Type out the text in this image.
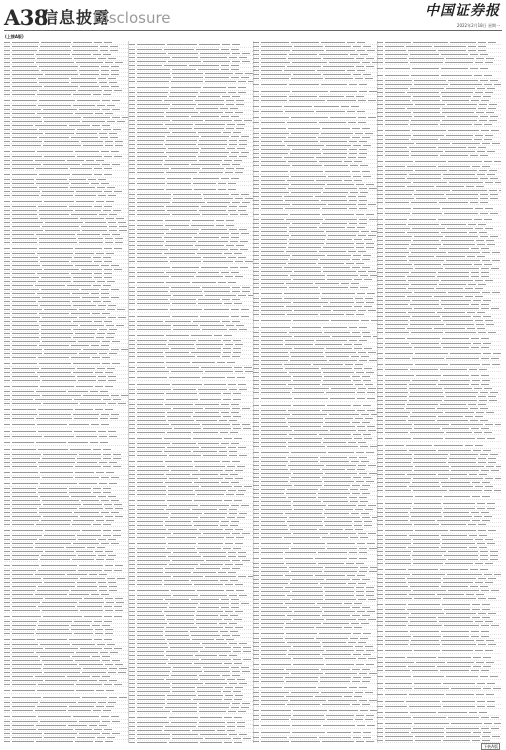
A38
信息披露
Disclosure	中国证券报
2022年2月18日 星期一
(上接A版)
下转A版
